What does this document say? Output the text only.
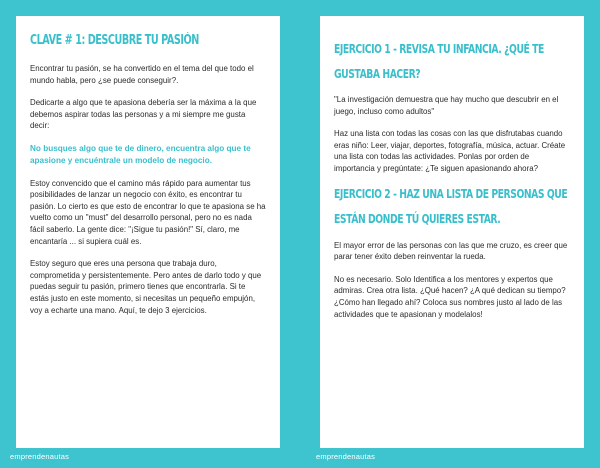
CLAVE # 1: DESCUBRE TU PASIÓN

Encontrar tu pasión, se ha convertido en el tema del que todo el mundo habla, pero ¿se puede conseguir?.

Dedicarte a algo que te apasiona debería ser la máxima a la que debemos aspirar todas las personas y a mi siempre me gusta decir:

No busques algo que te de dinero, encuentra algo que te apasione y encuéntrale un modelo de negocio.

Estoy convencido que el camino más rápido para aumentar tus posibilidades de lanzar un negocio con éxito, es encontrar tu pasión. Lo cierto es que esto de encontrar lo que te apasiona se ha vuelto como un "must" del desarrollo personal, pero no es nada fácil saberlo. La gente dice: "¡Sigue tu pasión!" Sí, claro, me encantaría ... si supiera cuál es.

Estoy seguro que eres una persona que trabaja duro, comprometida y persistentemente. Pero antes de darlo todo y que puedas seguir tu pasión, primero tienes que encontrarla. Si te estás justo en este momento, si necesitas un pequeño empujón, voy a echarte una mano. Aquí, te dejo 3 ejercicios.

EJERCICIO 1 - REVISA TU INFANCIA. ¿QUÉ TE GUSTABA HACER?

"La investigación demuestra que hay mucho que descubrir en el juego, incluso como adultos"

Haz una lista con todas las cosas con las que disfrutabas cuando eras niño: Leer, viajar, deportes, fotografía, música, actuar. Créate una lista con todas las actividades. Ponlas por orden de importancia y pregúntate: ¿Te siguen apasionando ahora?

EJERCICIO 2 - HAZ UNA LISTA DE PERSONAS QUE ESTÁN DONDE TÚ QUIERES ESTAR.

El mayor error de las personas con las que me cruzo, es creer que parar tener éxito deben reinventar la rueda.

No es necesario. Solo Identifica a los mentores y expertos que admiras. Crea otra lista. ¿Qué hacen? ¿A qué dedican su tiempo? ¿Cómo han llegado ahí? Coloca sus nombres justo al lado de las actividades que te apasionan y modelalos!

emprendenautas	emprendenautas
